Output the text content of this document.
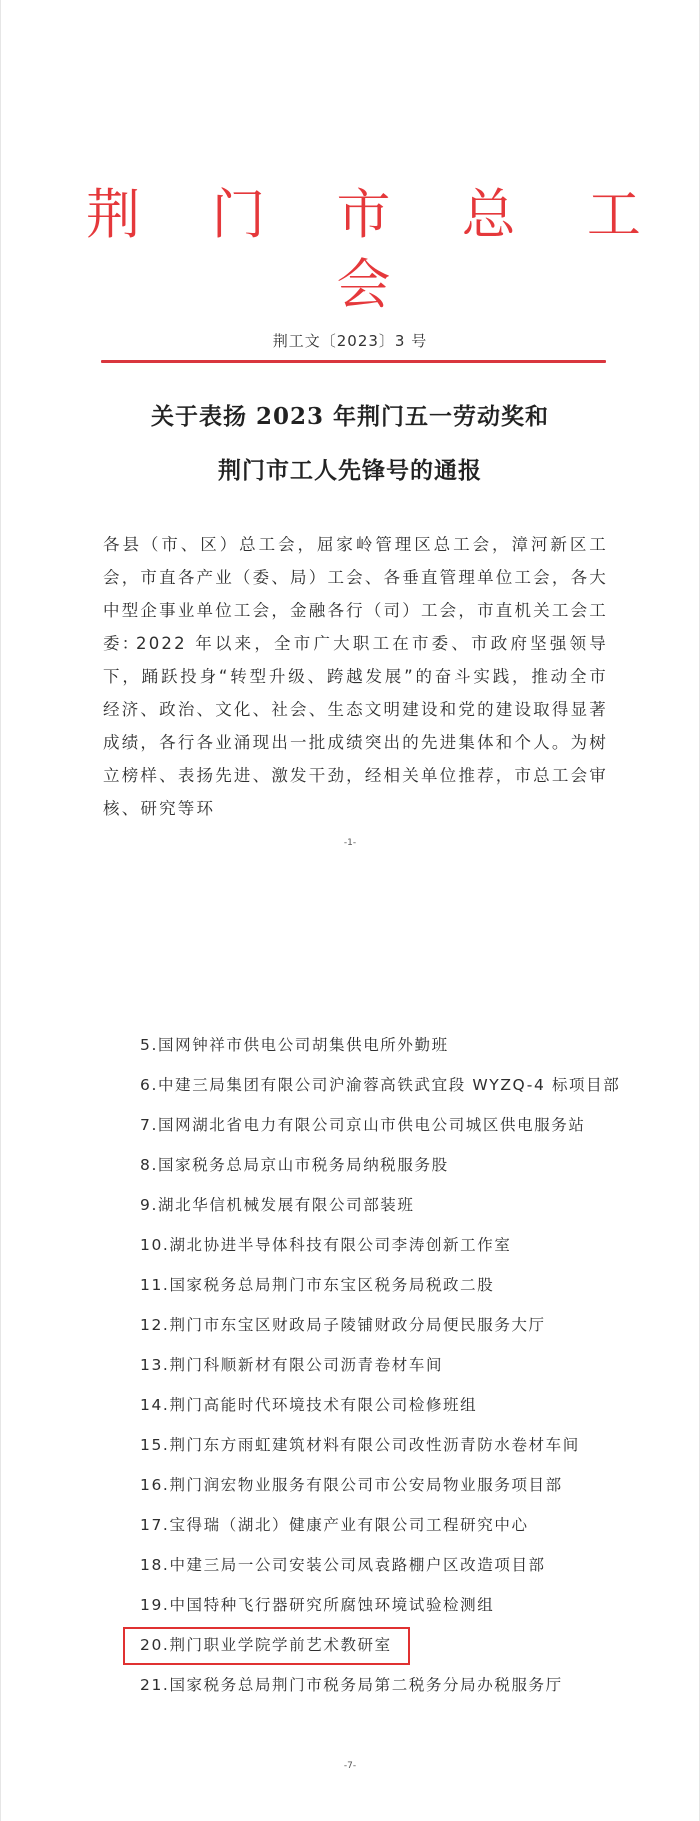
荆 门 市 总 工 会
荆工文〔2023〕3 号
关于表扬 2023 年荆门五一劳动奖和
荆门市工人先锋号的通报
各县（市、区）总工会，屈家岭管理区总工会，漳河新区工会，市直各产业（委、局）工会、各垂直管理单位工会，各大中型企事业单位工会，金融各行（司）工会，市直机关工会工委：
2022 年以来，全市广大职工在市委、市政府坚强领导下，踊跃投身“转型升级、跨越发展”的奋斗实践，推动全市经济、政治、文化、社会、生态文明建设和党的建设取得显著成绩，各行各业涌现出一批成绩突出的先进集体和个人。为树立榜样、表扬先进、激发干劲，经相关单位推荐，市总工会审核、研究等环
-1-
5.国网钟祥市供电公司胡集供电所外勤班
6.中建三局集团有限公司沪渝蓉高铁武宜段 WYZQ-4 标项目部
7.国网湖北省电力有限公司京山市供电公司城区供电服务站
8.国家税务总局京山市税务局纳税服务股
9.湖北华信机械发展有限公司部装班
10.湖北协进半导体科技有限公司李涛创新工作室
11.国家税务总局荆门市东宝区税务局税政二股
12.荆门市东宝区财政局子陵铺财政分局便民服务大厅
13.荆门科顺新材有限公司沥青卷材车间
14.荆门高能时代环境技术有限公司检修班组
15.荆门东方雨虹建筑材料有限公司改性沥青防水卷材车间
16.荆门润宏物业服务有限公司市公安局物业服务项目部
17.宝得瑞（湖北）健康产业有限公司工程研究中心
18.中建三局一公司安装公司凤袁路棚户区改造项目部
19.中国特种飞行器研究所腐蚀环境试验检测组
20.荆门职业学院学前艺术教研室
21.国家税务总局荆门市税务局第二税务分局办税服务厅
-7-
